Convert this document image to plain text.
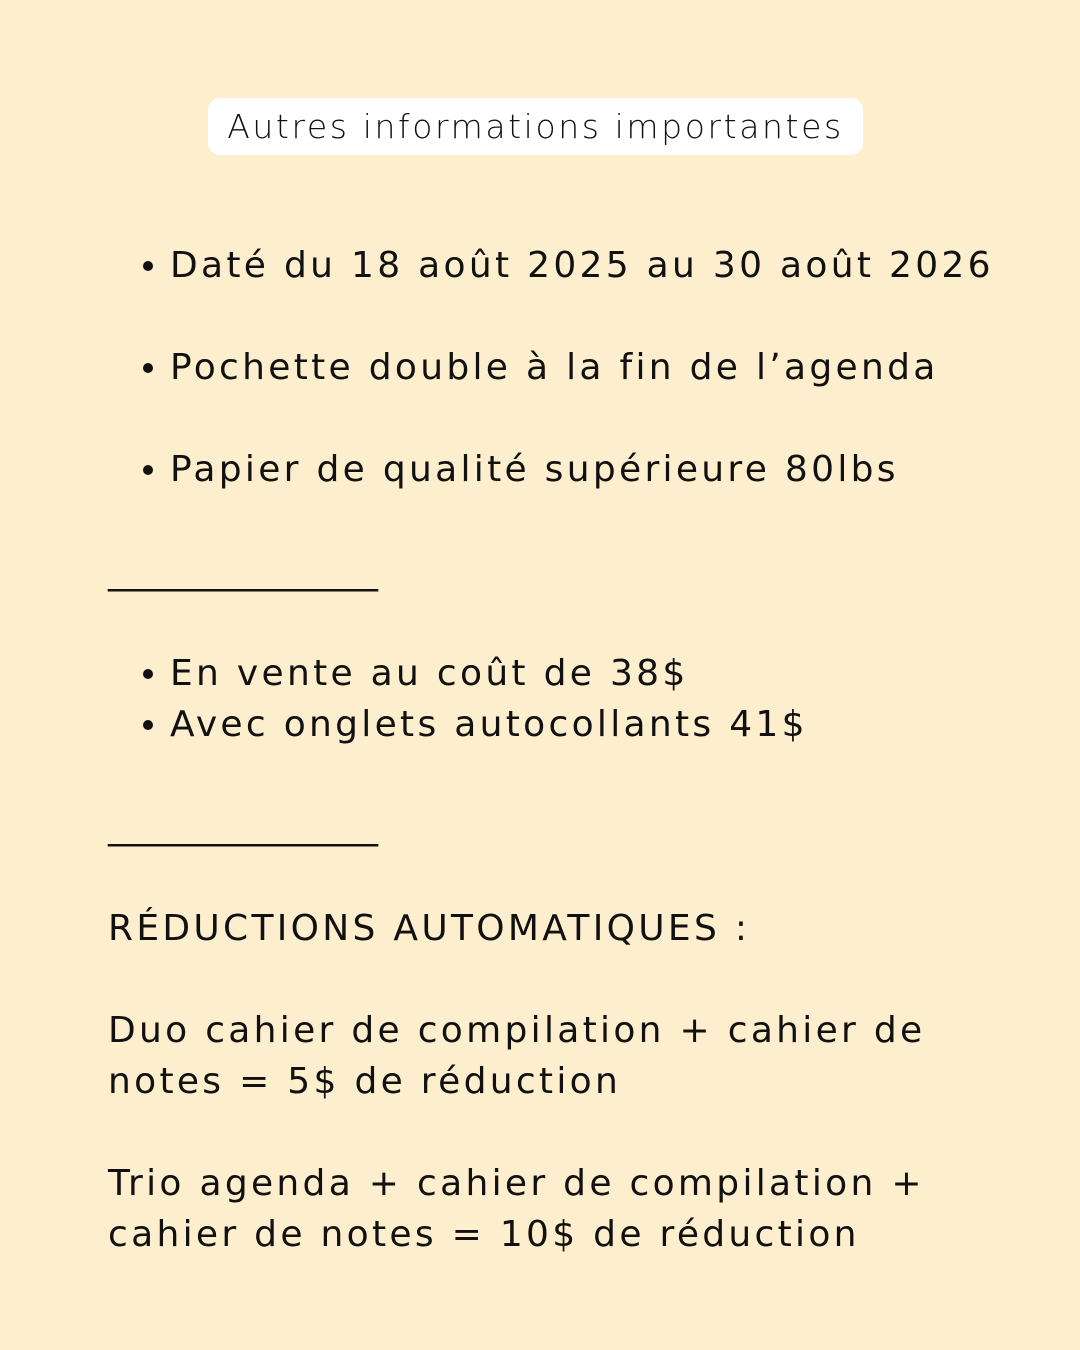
Autres informations importantes
Daté du 18 août 2025 au 30 août 2026
Pochette double à la fin de l’agenda
Papier de qualité supérieure 80lbs
_______________
En vente au coût de 38$
Avec onglets autocollants 41$
_______________
RÉDUCTIONS AUTOMATIQUES :
Duo cahier de compilation + cahier de
notes = 5$ de réduction
Trio agenda + cahier de compilation +
cahier de notes = 10$ de réduction
